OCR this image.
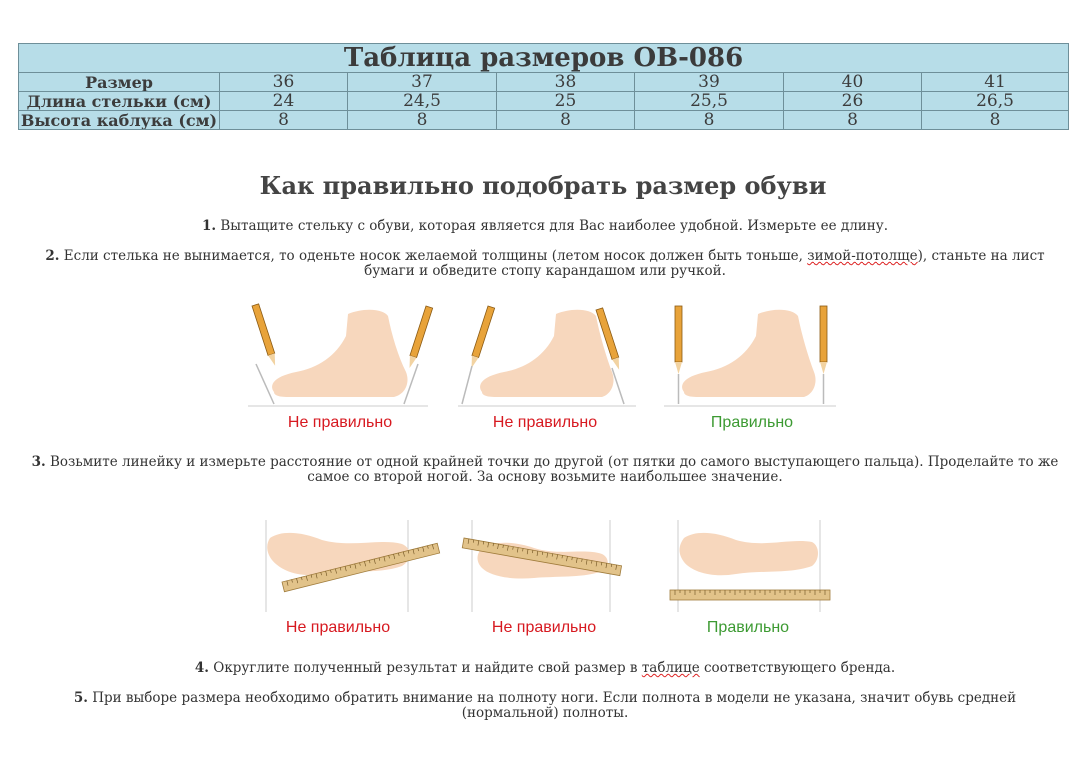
Таблица размеров ОВ-086						
Размер	36	37	38	39	40	41
Длина стельки (см)	24	24,5	25	25,5	26	26,5
Высота каблука (см)	8	8	8	8	8	8
Как правильно подобрать размер обуви
1. Вытащите стельку с обуви, которая является для Вас наиболее удобной. Измерьте ее длину.
2. Если стелька не вынимается, то оденьте носок желаемой толщины (летом носок должен быть тоньше, зимой-потолще), станьте на лист бумаги и обведите стопу карандашом или ручкой.
Не правильно	Не правильно	Правильно
3. Возьмите линейку и измерьте расстояние от одной крайней точки до другой (от пятки до самого выступающего пальца). Проделайте то же самое со второй ногой. За основу возьмите наибольшее значение.
Не правильно	Не правильно	Правильно
4. Округлите полученный результат и найдите свой размер в таблице соответствующего бренда.
5. При выборе размера необходимо обратить внимание на полноту ноги. Если полнота в модели не указана, значит обувь средней (нормальной) полноты.
